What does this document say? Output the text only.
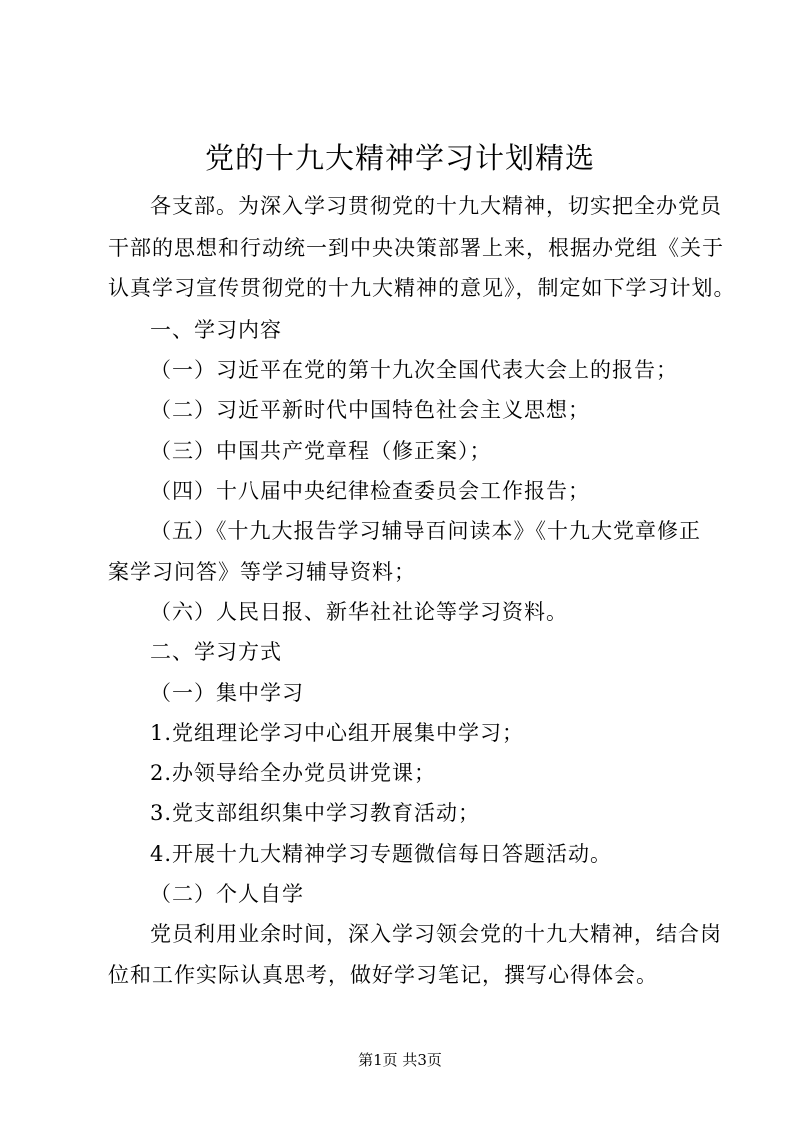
党的十九大精神学习计划精选
各支部。为深入学习贯彻党的十九大精神，切实把全办党员
干部的思想和行动统一到中央决策部署上来，根据办党组《关于
认真学习宣传贯彻党的十九大精神的意见》，制定如下学习计划。
一、学习内容
（一）习近平在党的第十九次全国代表大会上的报告；
（二）习近平新时代中国特色社会主义思想；
（三）中国共产党章程（修正案）；
（四）十八届中央纪律检查委员会工作报告；
（五）《十九大报告学习辅导百问读本》《十九大党章修正
案学习问答》等学习辅导资料；
（六）人民日报、新华社社论等学习资料。
二、学习方式
（一）集中学习
1.党组理论学习中心组开展集中学习；
2.办领导给全办党员讲党课；
3.党支部组织集中学习教育活动；
4.开展十九大精神学习专题微信每日答题活动。
（二）个人自学
党员利用业余时间，深入学习领会党的十九大精神，结合岗
位和工作实际认真思考，做好学习笔记，撰写心得体会。
第1页 共3页
